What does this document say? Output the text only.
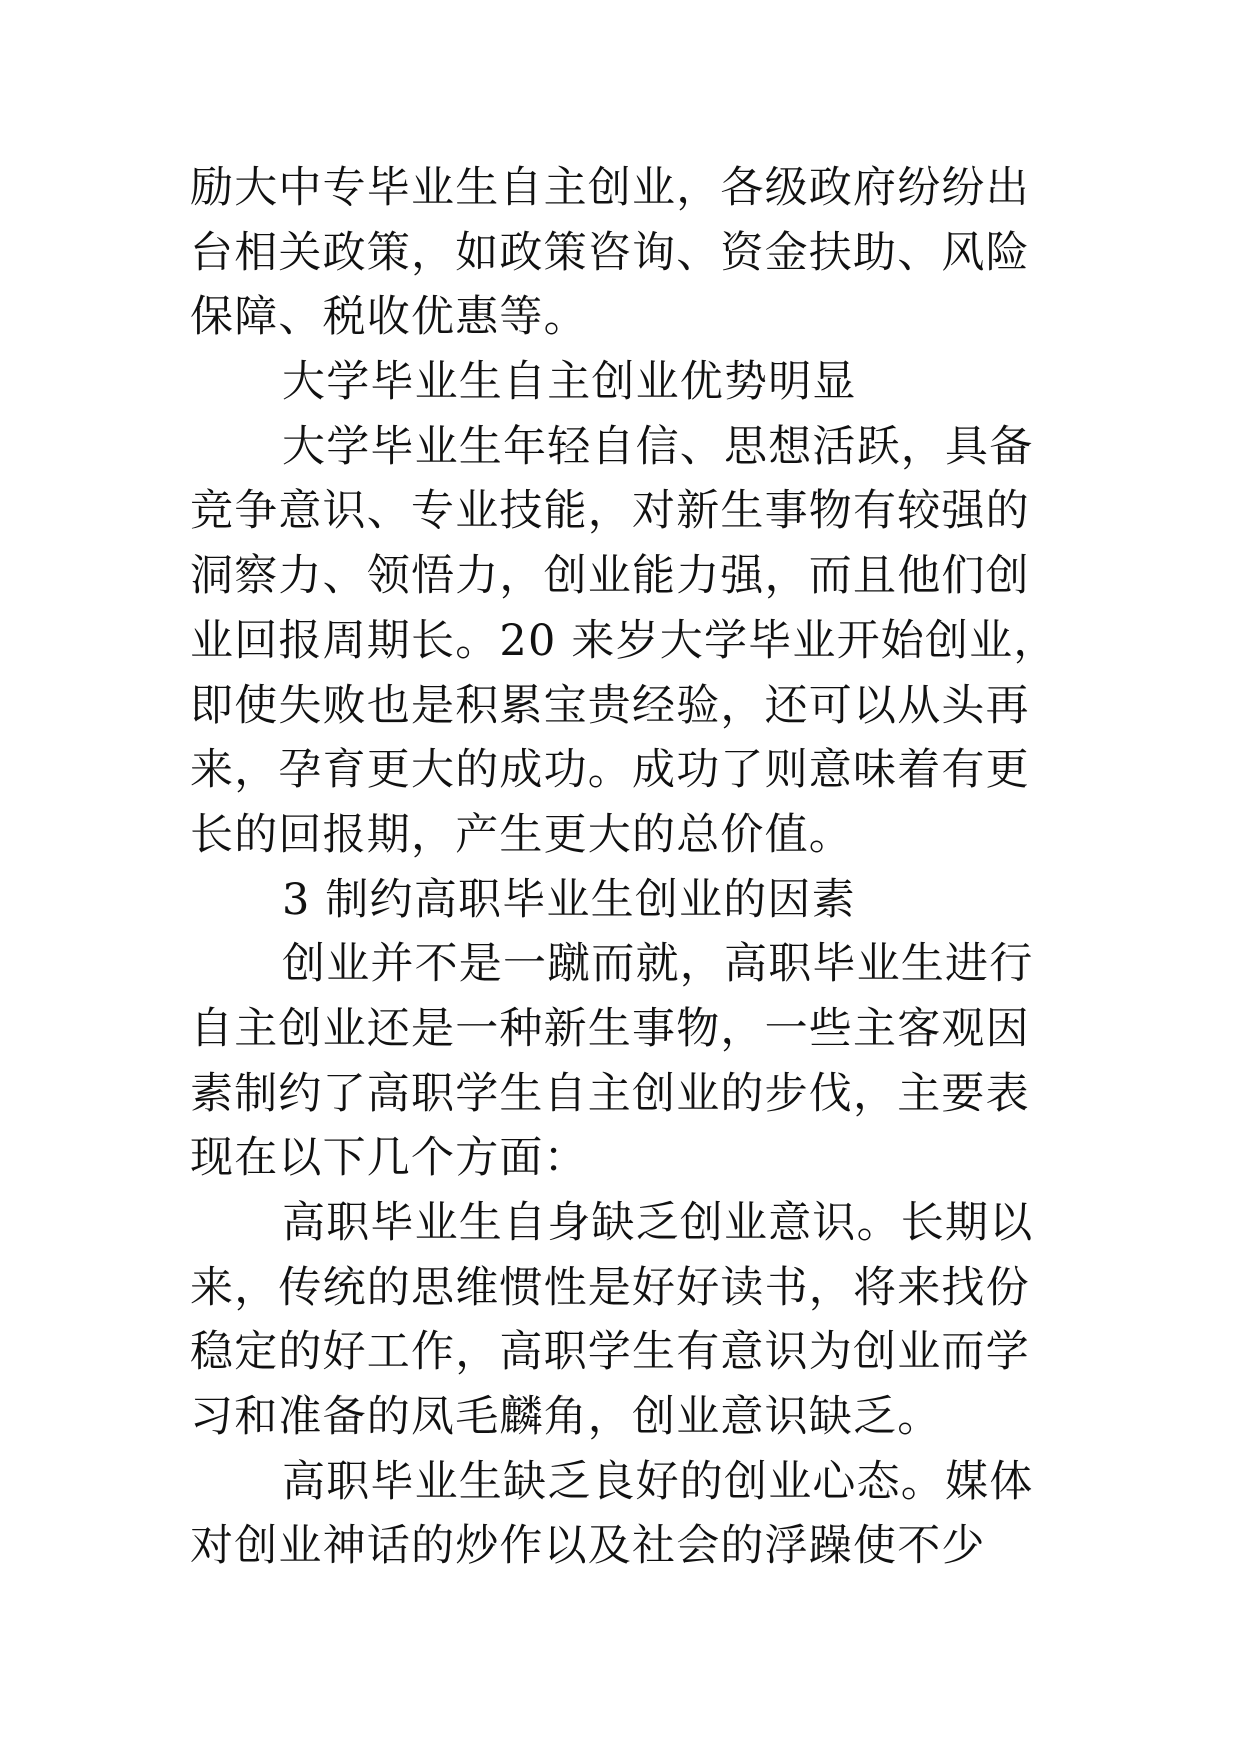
励大中专毕业生自主创业，各级政府纷纷出
台相关政策，如政策咨询、资金扶助、风险
保障、税收优惠等。
大学毕业生自主创业优势明显
大学毕业生年轻自信、思想活跃，具备
竞争意识、专业技能，对新生事物有较强的
洞察力、领悟力，创业能力强，而且他们创
业回报周期长。20 来岁大学毕业开始创业，
即使失败也是积累宝贵经验，还可以从头再
来，孕育更大的成功。成功了则意味着有更
长的回报期，产生更大的总价值。
3 制约高职毕业生创业的因素
创业并不是一蹴而就，高职毕业生进行
自主创业还是一种新生事物，一些主客观因
素制约了高职学生自主创业的步伐，主要表
现在以下几个方面：
高职毕业生自身缺乏创业意识。长期以
来，传统的思维惯性是好好读书，将来找份
稳定的好工作，高职学生有意识为创业而学
习和准备的凤毛麟角，创业意识缺乏。
高职毕业生缺乏良好的创业心态。媒体
对创业神话的炒作以及社会的浮躁使不少
